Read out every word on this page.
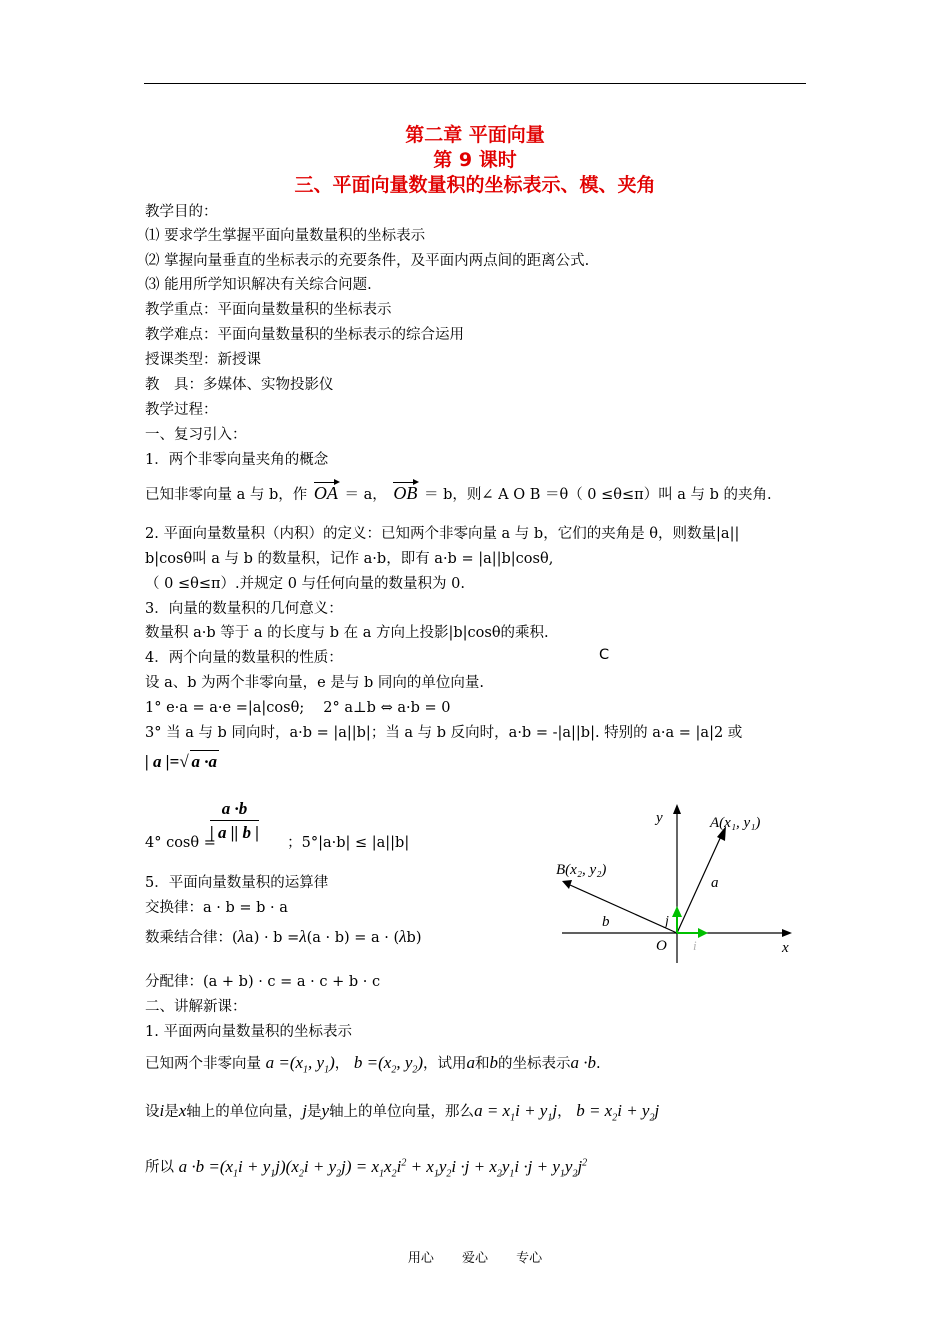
第二章 平面向量
第 9 课时
三、平面向量数量积的坐标表示、模、夹角
教学目的：
⑴ 要求学生掌握平面向量数量积的坐标表示
⑵ 掌握向量垂直的坐标表示的充要条件，及平面内两点间的距离公式.
⑶ 能用所学知识解决有关综合问题.
教学重点：平面向量数量积的坐标表示
教学难点：平面向量数量积的坐标表示的综合运用
授课类型：新授课
教　具：多媒体、实物投影仪
教学过程：
一、复习引入：
1．两个非零向量夹角的概念
已知非零向量 a 与 b，作 OA ＝ a， OB ＝ b，则∠ A O B ＝θ（ 0 ≤θ≤π）叫 a 与 b 的夹角.
2. 平面向量数量积（内积）的定义：已知两个非零向量 a 与 b，它们的夹角是 θ，则数量|a||
b|cosθ叫 a 与 b 的数量积，记作 a·b，即有 a·b = |a||b|cosθ,
（ 0 ≤θ≤π）.并规定 0 与任何向量的数量积为 0.
3．向量的数量积的几何意义：
数量积 a·b 等于 a 的长度与 b 在 a 方向上投影|b|cosθ的乘积.
4．两个向量的数量积的性质：	C
设 a、b 为两个非零向量，e 是与 b 同向的单位向量.
1° e·a = a·e =|a|cosθ;　 2° a⊥b ⇔ a·b = 0
3° 当 a 与 b 同向时，a·b = |a||b|；当 a 与 b 反向时，a·b = -|a||b|. 特别的 a·a = |a|2 或
| a |=√ a ·a
$\frac{a \cdot b}{| a || b |}$
4° cosθ =	；5°|a·b| ≤ |a||b|
5．平面向量数量积的运算律
交换律：a · b = b · a
数乘结合律：(λa) · b =λ(a · b) = a · (λb)
分配律：(a + b) · c = a · c + b · c
二、讲解新课：
1. 平面两向量数量积的坐标表示
已知两个非零向量 $a =(x_1$, $y_1$)， $b =(x_2$, $y_2$)，试用a和b的坐标表示a ·b.
设i是x轴上的单位向量，j是y轴上的单位向量，那么$a = x_1i + y_1j$， $b = x_2i + y_2j$
所以 $a \cdot b =(x_1i + y_1j)(x_2i + y_2j) = x_1x_2i^2 + x_1y_2i \cdot j + x_2y_1i \cdot j + y_1y_2j^2$
x
y
O
A(x₁, y₁)
B(x₂, y₂)
a
b
i
j
用心 爱心 专心
